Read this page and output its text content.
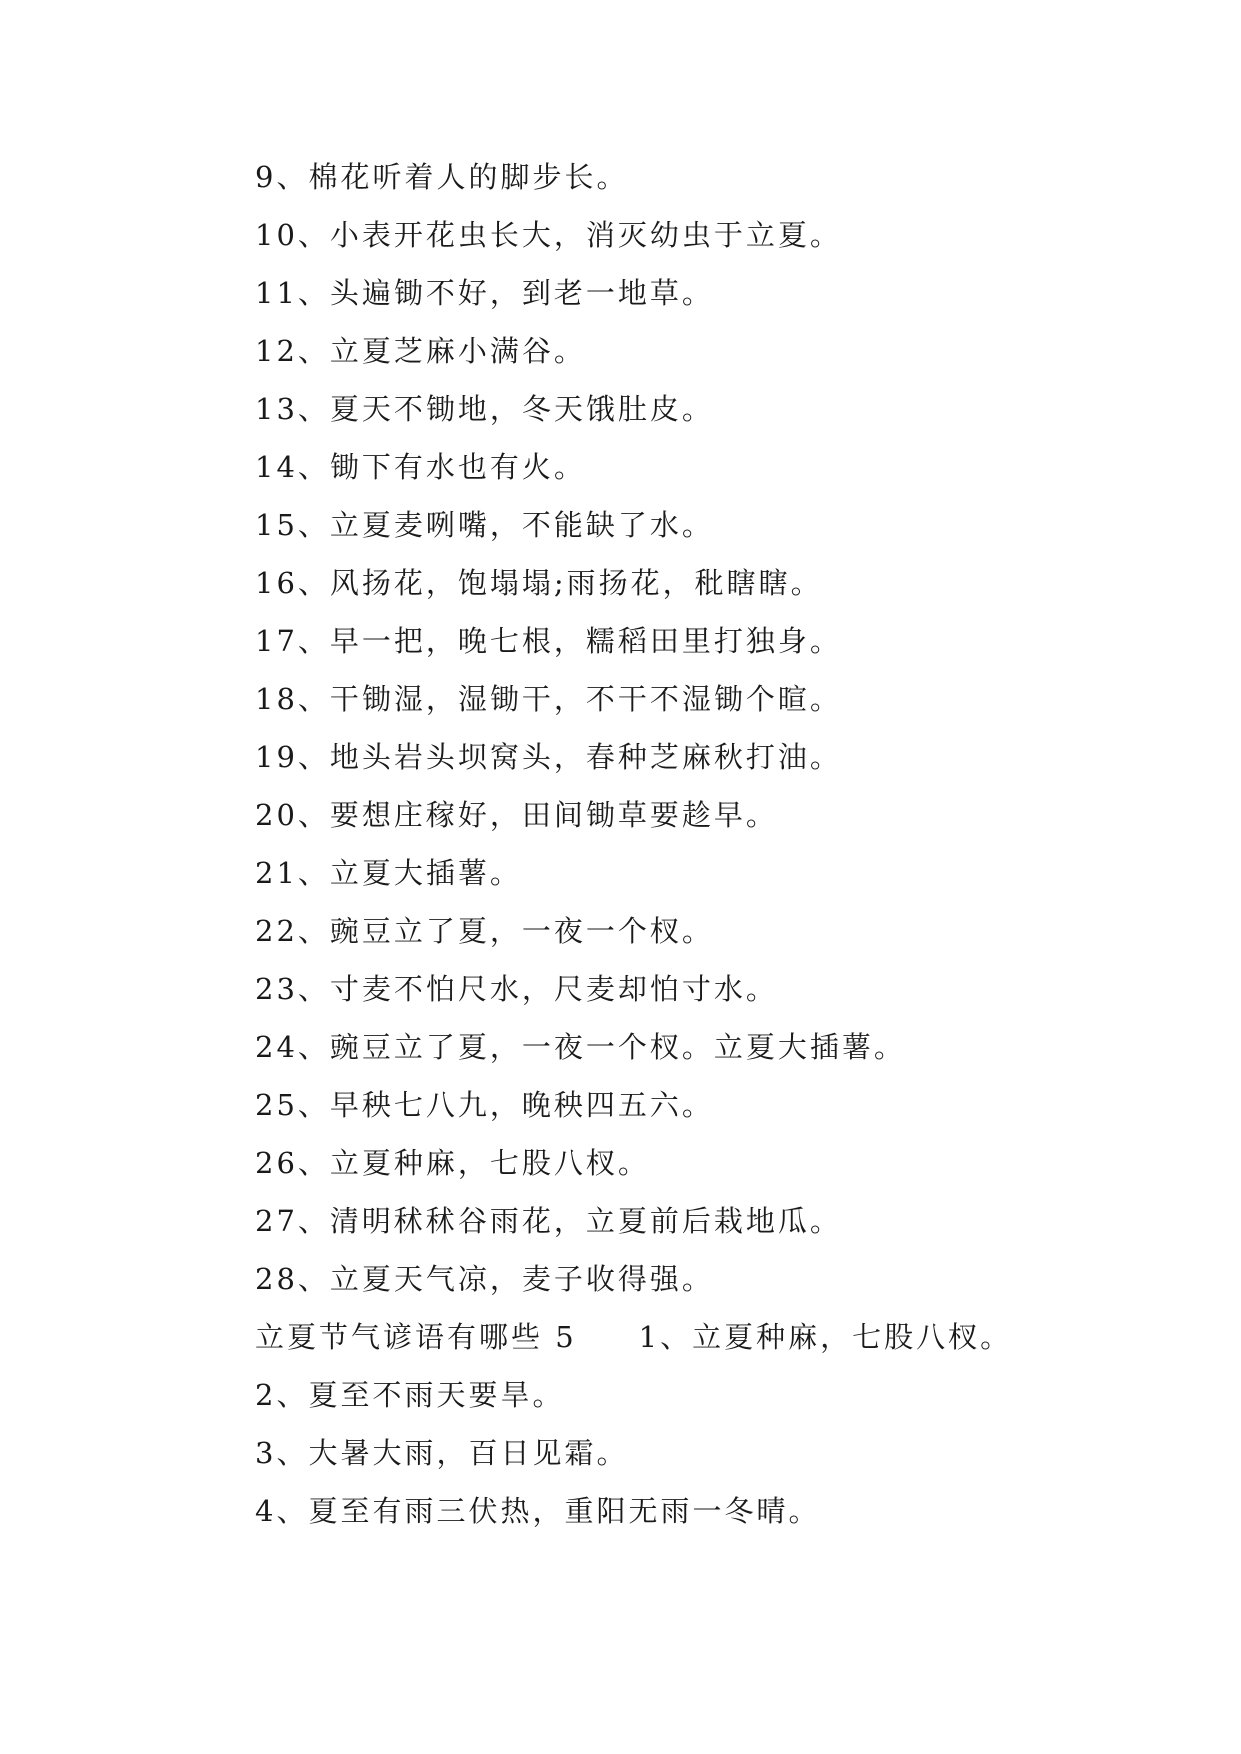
9、棉花听着人的脚步长。
10、小表开花虫长大，消灭幼虫于立夏。
11、头遍锄不好，到老一地草。
12、立夏芝麻小满谷。
13、夏天不锄地，冬天饿肚皮。
14、锄下有水也有火。
15、立夏麦咧嘴，不能缺了水。
16、风扬花，饱塌塌;雨扬花，秕瞎瞎。
17、早一把，晚七根，糯稻田里打独身。
18、干锄湿，湿锄干，不干不湿锄个暄。
19、地头岩头坝窝头，春种芝麻秋打油。
20、要想庄稼好，田间锄草要趁早。
21、立夏大插薯。
22、豌豆立了夏，一夜一个杈。
23、寸麦不怕尺水，尺麦却怕寸水。
24、豌豆立了夏，一夜一个杈。立夏大插薯。
25、早秧七八九，晚秧四五六。
26、立夏种麻，七股八杈。
27、清明秫秫谷雨花，立夏前后栽地瓜。
28、立夏天气凉，麦子收得强。
立夏节气谚语有哪些 5 1、立夏种麻，七股八杈。
2、夏至不雨天要旱。
3、大暑大雨，百日见霜。
4、夏至有雨三伏热，重阳无雨一冬晴。
